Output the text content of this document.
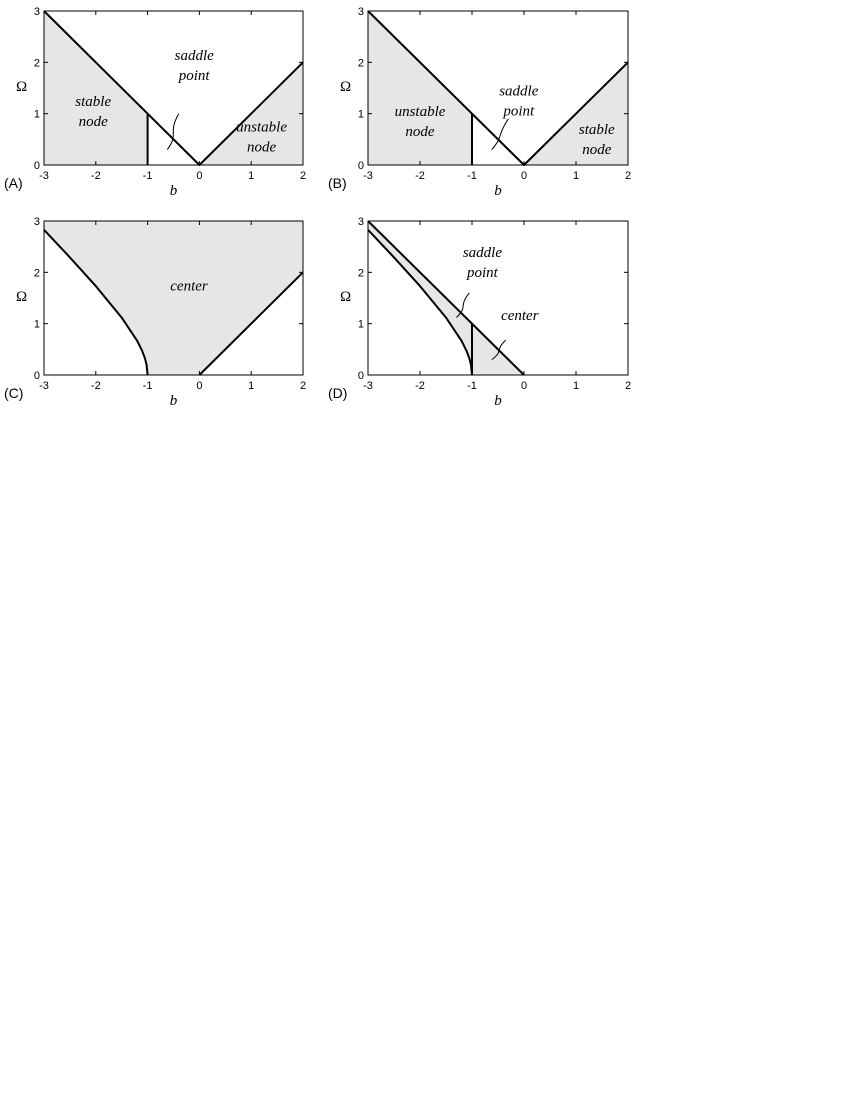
stable node
saddle point
unstable node
-3	-2	-1	0	1	2
0
1
2
3
b
Ω
(A)
unstable node
saddle point
stable node
-3	-2	-1	0	1	2
0
1
2
3
b
Ω
(B)
center
-3	-2	-1	0	1	2
0
1
2
3
b
Ω
(C)
saddle point
center
-3	-2	-1	0	1	2
0
1
2
3
b
Ω
(D)
